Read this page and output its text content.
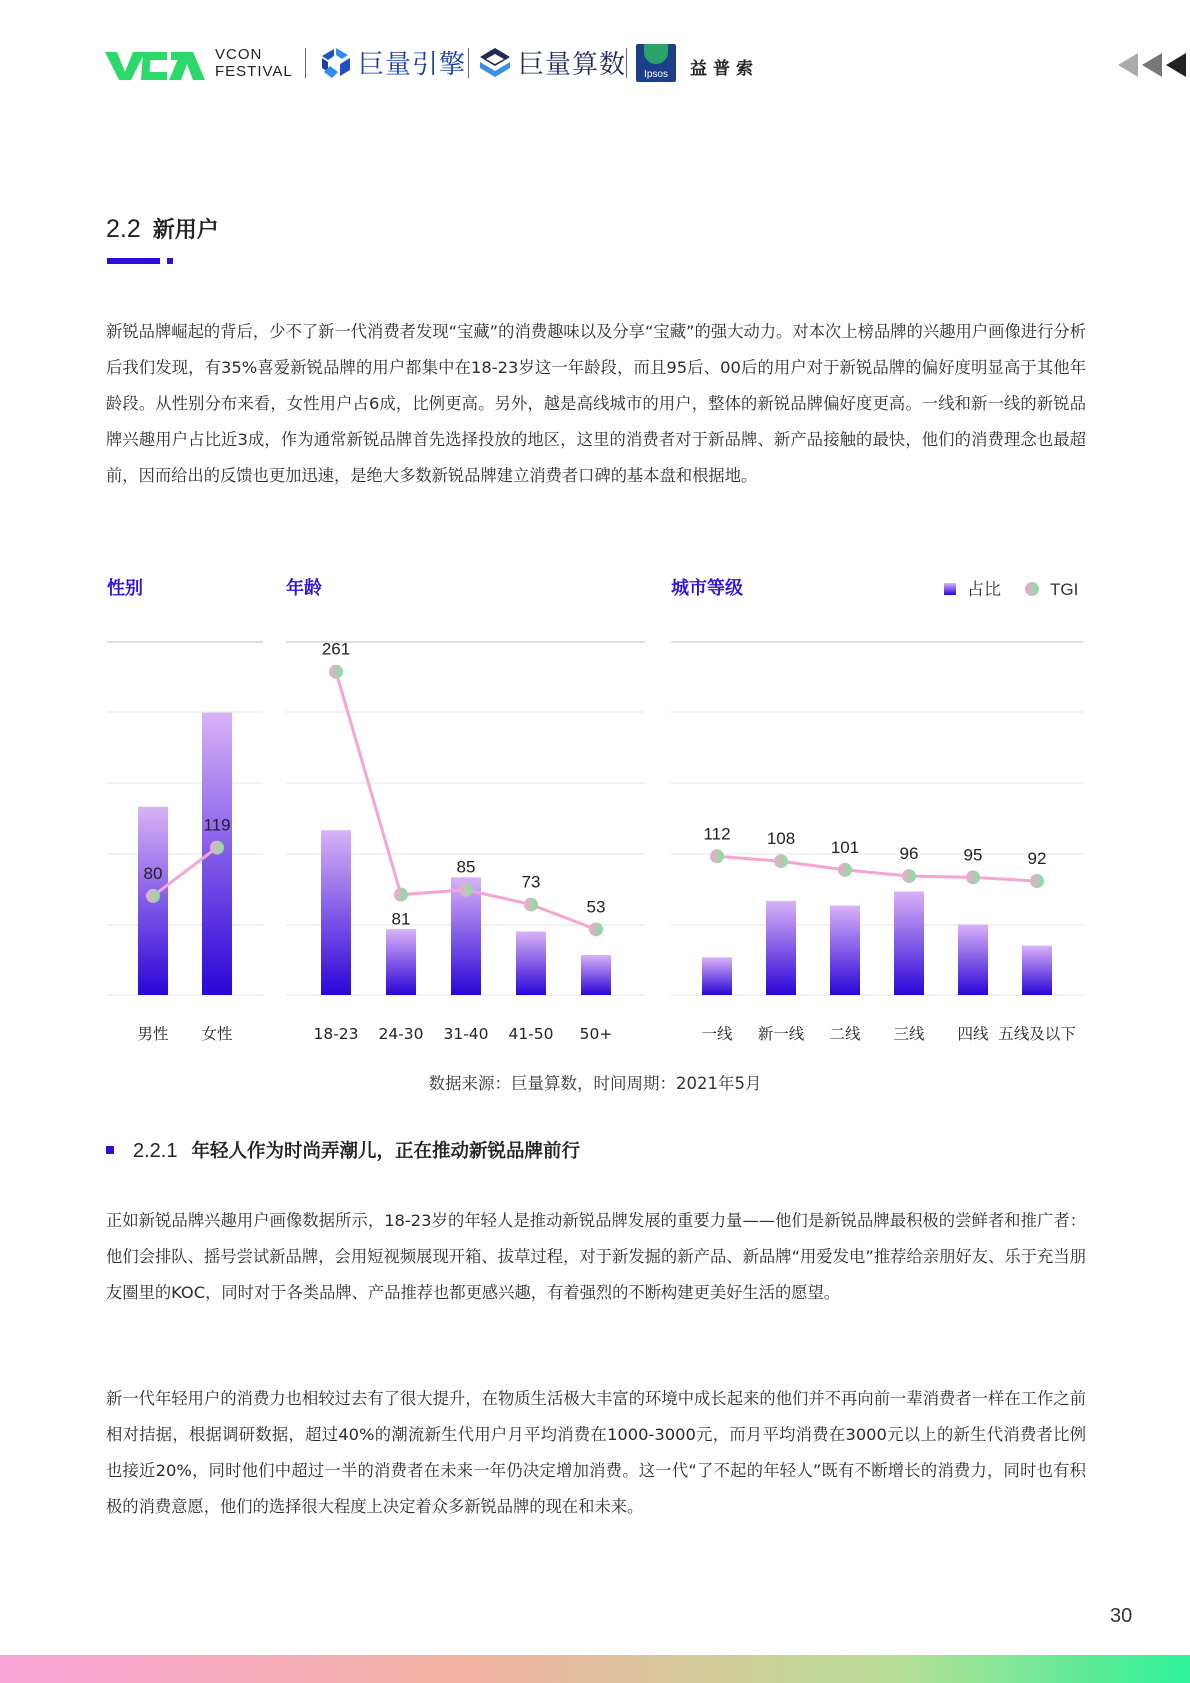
VCON
FESTIVAL	巨量引擎 巨量算数	Ipsos	益普索
2.2 新用户
新锐品牌崛起的背后，少不了新一代消费者发现“宝藏”的消费趣味以及分享“宝藏”的强大动力。对本次上榜品牌的兴趣用户画像进行分析后我们发现，有35%喜爱新锐品牌的用户都集中在18-23岁这一年龄段，而且95后、00后的用户对于新锐品牌的偏好度明显高于其他年龄段。从性别分布来看，女性用户占6成，比例更高。另外，越是高线城市的用户，整体的新锐品牌偏好度更高。一线和新一线的新锐品牌兴趣用户占比近3成，作为通常新锐品牌首先选择投放的地区，这里的消费者对于新品牌、新产品接触的最快，他们的消费理念也最超前，因而给出的反馈也更加迅速，是绝大多数新锐品牌建立消费者口碑的基本盘和根据地。
性别
80
119
男性 女性
年龄
261
81
85
73
53
18-23 24-30 31-40 41-50 50+
城市等级
112 108 101 96	95	92
一线 新一线 二线 三线 四线 五线及以下
占比	TGI
数据来源：巨量算数，时间周期：2021年5月
2.2.1 年轻人作为时尚弄潮儿，正在推动新锐品牌前行
正如新锐品牌兴趣用户画像数据所示，18-23岁的年轻人是推动新锐品牌发展的重要力量——他们是新锐品牌最积极的尝鲜者和推广者：他们会排队、摇号尝试新品牌，会用短视频展现开箱、拔草过程，对于新发掘的新产品、新品牌“用爱发电”推荐给亲朋好友、乐于充当朋友圈里的KOC，同时对于各类品牌、产品推荐也都更感兴趣，有着强烈的不断构建更美好生活的愿望。
新一代年轻用户的消费力也相较过去有了很大提升，在物质生活极大丰富的环境中成长起来的他们并不再向前一辈消费者一样在工作之前相对拮据，根据调研数据，超过40%的潮流新生代用户月平均消费在1000-3000元，而月平均消费在3000元以上的新生代消费者比例也接近20%，同时他们中超过一半的消费者在未来一年仍决定增加消费。这一代“了不起的年轻人”既有不断增长的消费力，同时也有积极的消费意愿，他们的选择很大程度上决定着众多新锐品牌的现在和未来。
30
